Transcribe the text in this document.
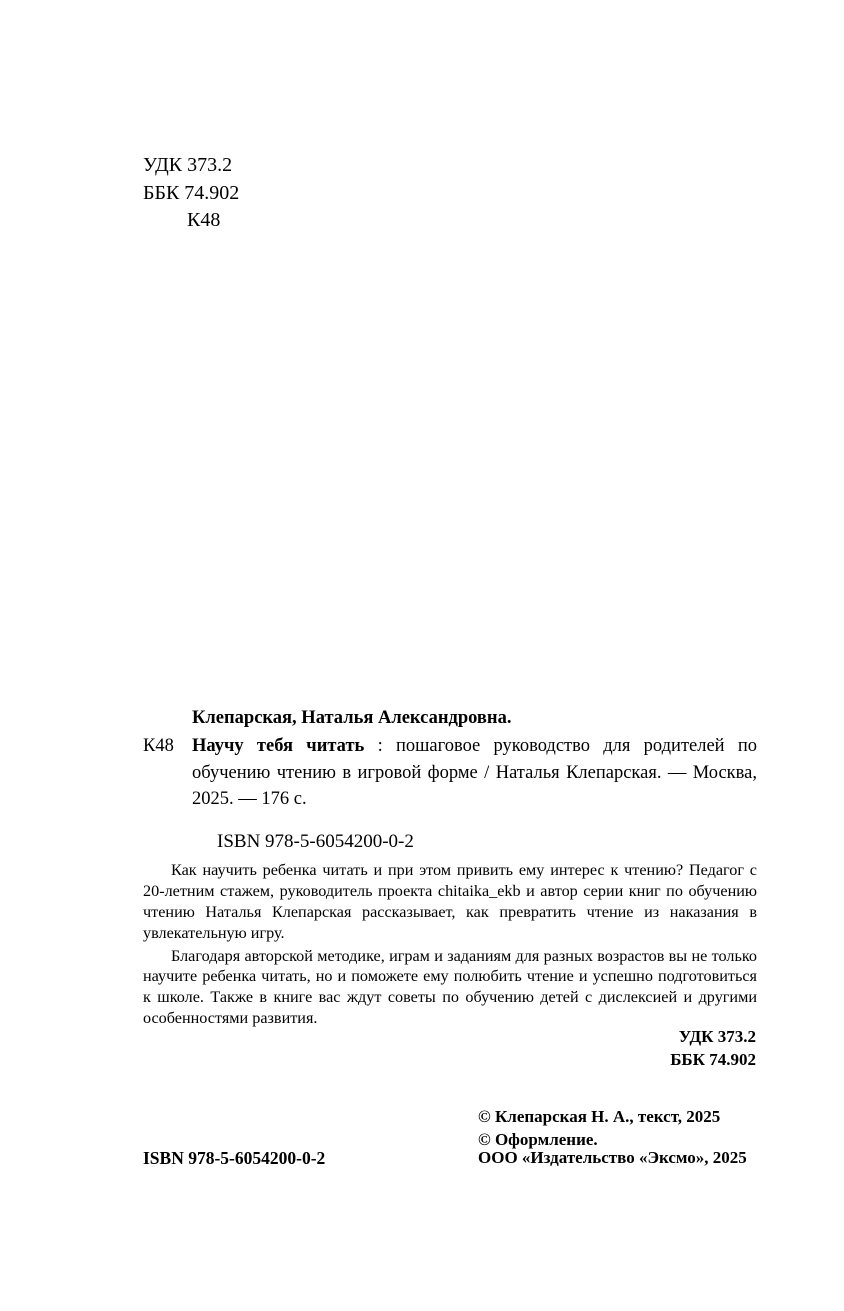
УДК 373.2
ББК 74.902
К48
Клепарская, Наталья Александровна.
К48 Научу тебя читать : пошаговое руководство для родителей по обучению чтению в игровой форме / Наталья Клепарская. — Москва, 2025. — 176 с.
ISBN 978-5-6054200-0-2

Как научить ребенка читать и при этом привить ему интерес к чтению? Педагог с 20-летним стажем, руководитель проекта chitaika_ekb и автор серии книг по обучению чтению Наталья Клепарская рассказывает, как превратить чтение из наказания в увлекательную игру.

Благодаря авторской методике, играм и заданиям для разных возрастов вы не только научите ребенка читать, но и поможете ему полюбить чтение и успешно подготовиться к школе. Также в книге вас ждут советы по обучению детей с дислексией и другими особенностями развития.

УДК 373.2
ББК 74.902
© Клепарская Н. А., текст, 2025
© Оформление.
ISBN 978-5-6054200-0-2	ООО «Издательство «Эксмо», 2025
